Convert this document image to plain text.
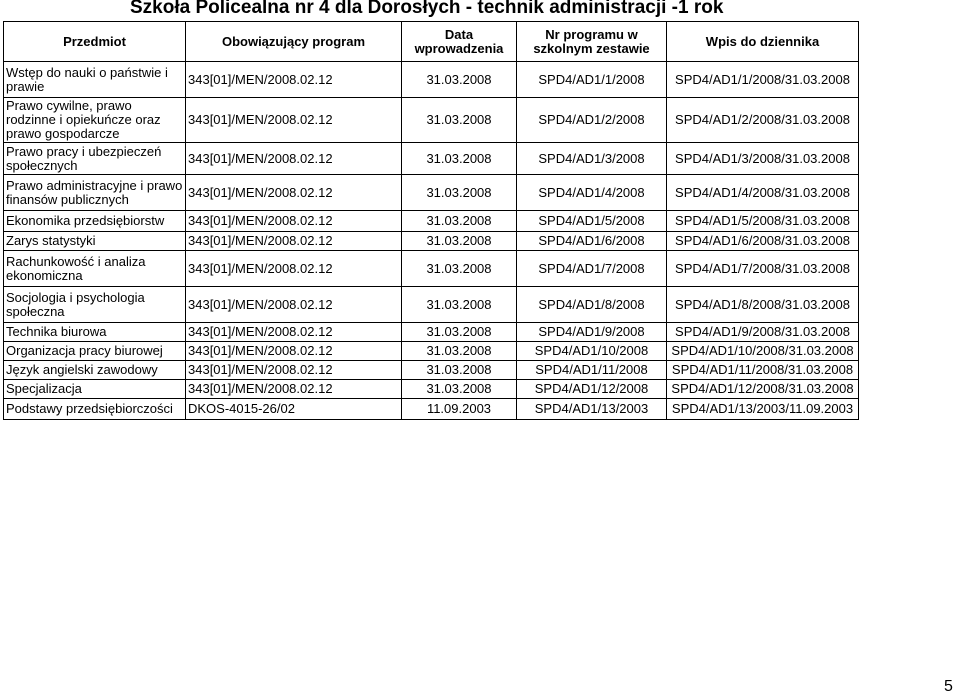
Szkoła Policealna nr 4 dla Dorosłych - technik administracji -1 rok
Przedmiot	Obowiązujący program	Data wprowadzenia	Nr programu w szkolnym zestawie	Wpis do dziennika
Wstęp do nauki o państwie i prawie	343[01]/MEN/2008.02.12	31.03.2008	SPD4/AD1/1/2008	SPD4/AD1/1/2008/31.03.2008
Prawo cywilne, prawo rodzinne i opiekuńcze oraz prawo gospodarcze	343[01]/MEN/2008.02.12	31.03.2008	SPD4/AD1/2/2008	SPD4/AD1/2/2008/31.03.2008
Prawo pracy i ubezpieczeń społecznych	343[01]/MEN/2008.02.12	31.03.2008	SPD4/AD1/3/2008	SPD4/AD1/3/2008/31.03.2008
Prawo administracyjne i prawo finansów publicznych	343[01]/MEN/2008.02.12	31.03.2008	SPD4/AD1/4/2008	SPD4/AD1/4/2008/31.03.2008
Ekonomika przedsiębiorstw	343[01]/MEN/2008.02.12	31.03.2008	SPD4/AD1/5/2008	SPD4/AD1/5/2008/31.03.2008
Zarys statystyki	343[01]/MEN/2008.02.12	31.03.2008	SPD4/AD1/6/2008	SPD4/AD1/6/2008/31.03.2008
Rachunkowość i analiza ekonomiczna	343[01]/MEN/2008.02.12	31.03.2008	SPD4/AD1/7/2008	SPD4/AD1/7/2008/31.03.2008
Socjologia i psychologia społeczna	343[01]/MEN/2008.02.12	31.03.2008	SPD4/AD1/8/2008	SPD4/AD1/8/2008/31.03.2008
Technika biurowa	343[01]/MEN/2008.02.12	31.03.2008	SPD4/AD1/9/2008	SPD4/AD1/9/2008/31.03.2008
Organizacja pracy biurowej	343[01]/MEN/2008.02.12	31.03.2008	SPD4/AD1/10/2008	SPD4/AD1/10/2008/31.03.2008
Język angielski zawodowy	343[01]/MEN/2008.02.12	31.03.2008	SPD4/AD1/11/2008	SPD4/AD1/11/2008/31.03.2008
Specjalizacja	343[01]/MEN/2008.02.12	31.03.2008	SPD4/AD1/12/2008	SPD4/AD1/12/2008/31.03.2008
Podstawy przedsiębiorczości	DKOS-4015-26/02	11.09.2003	SPD4/AD1/13/2003	SPD4/AD1/13/2003/11.09.2003
5
